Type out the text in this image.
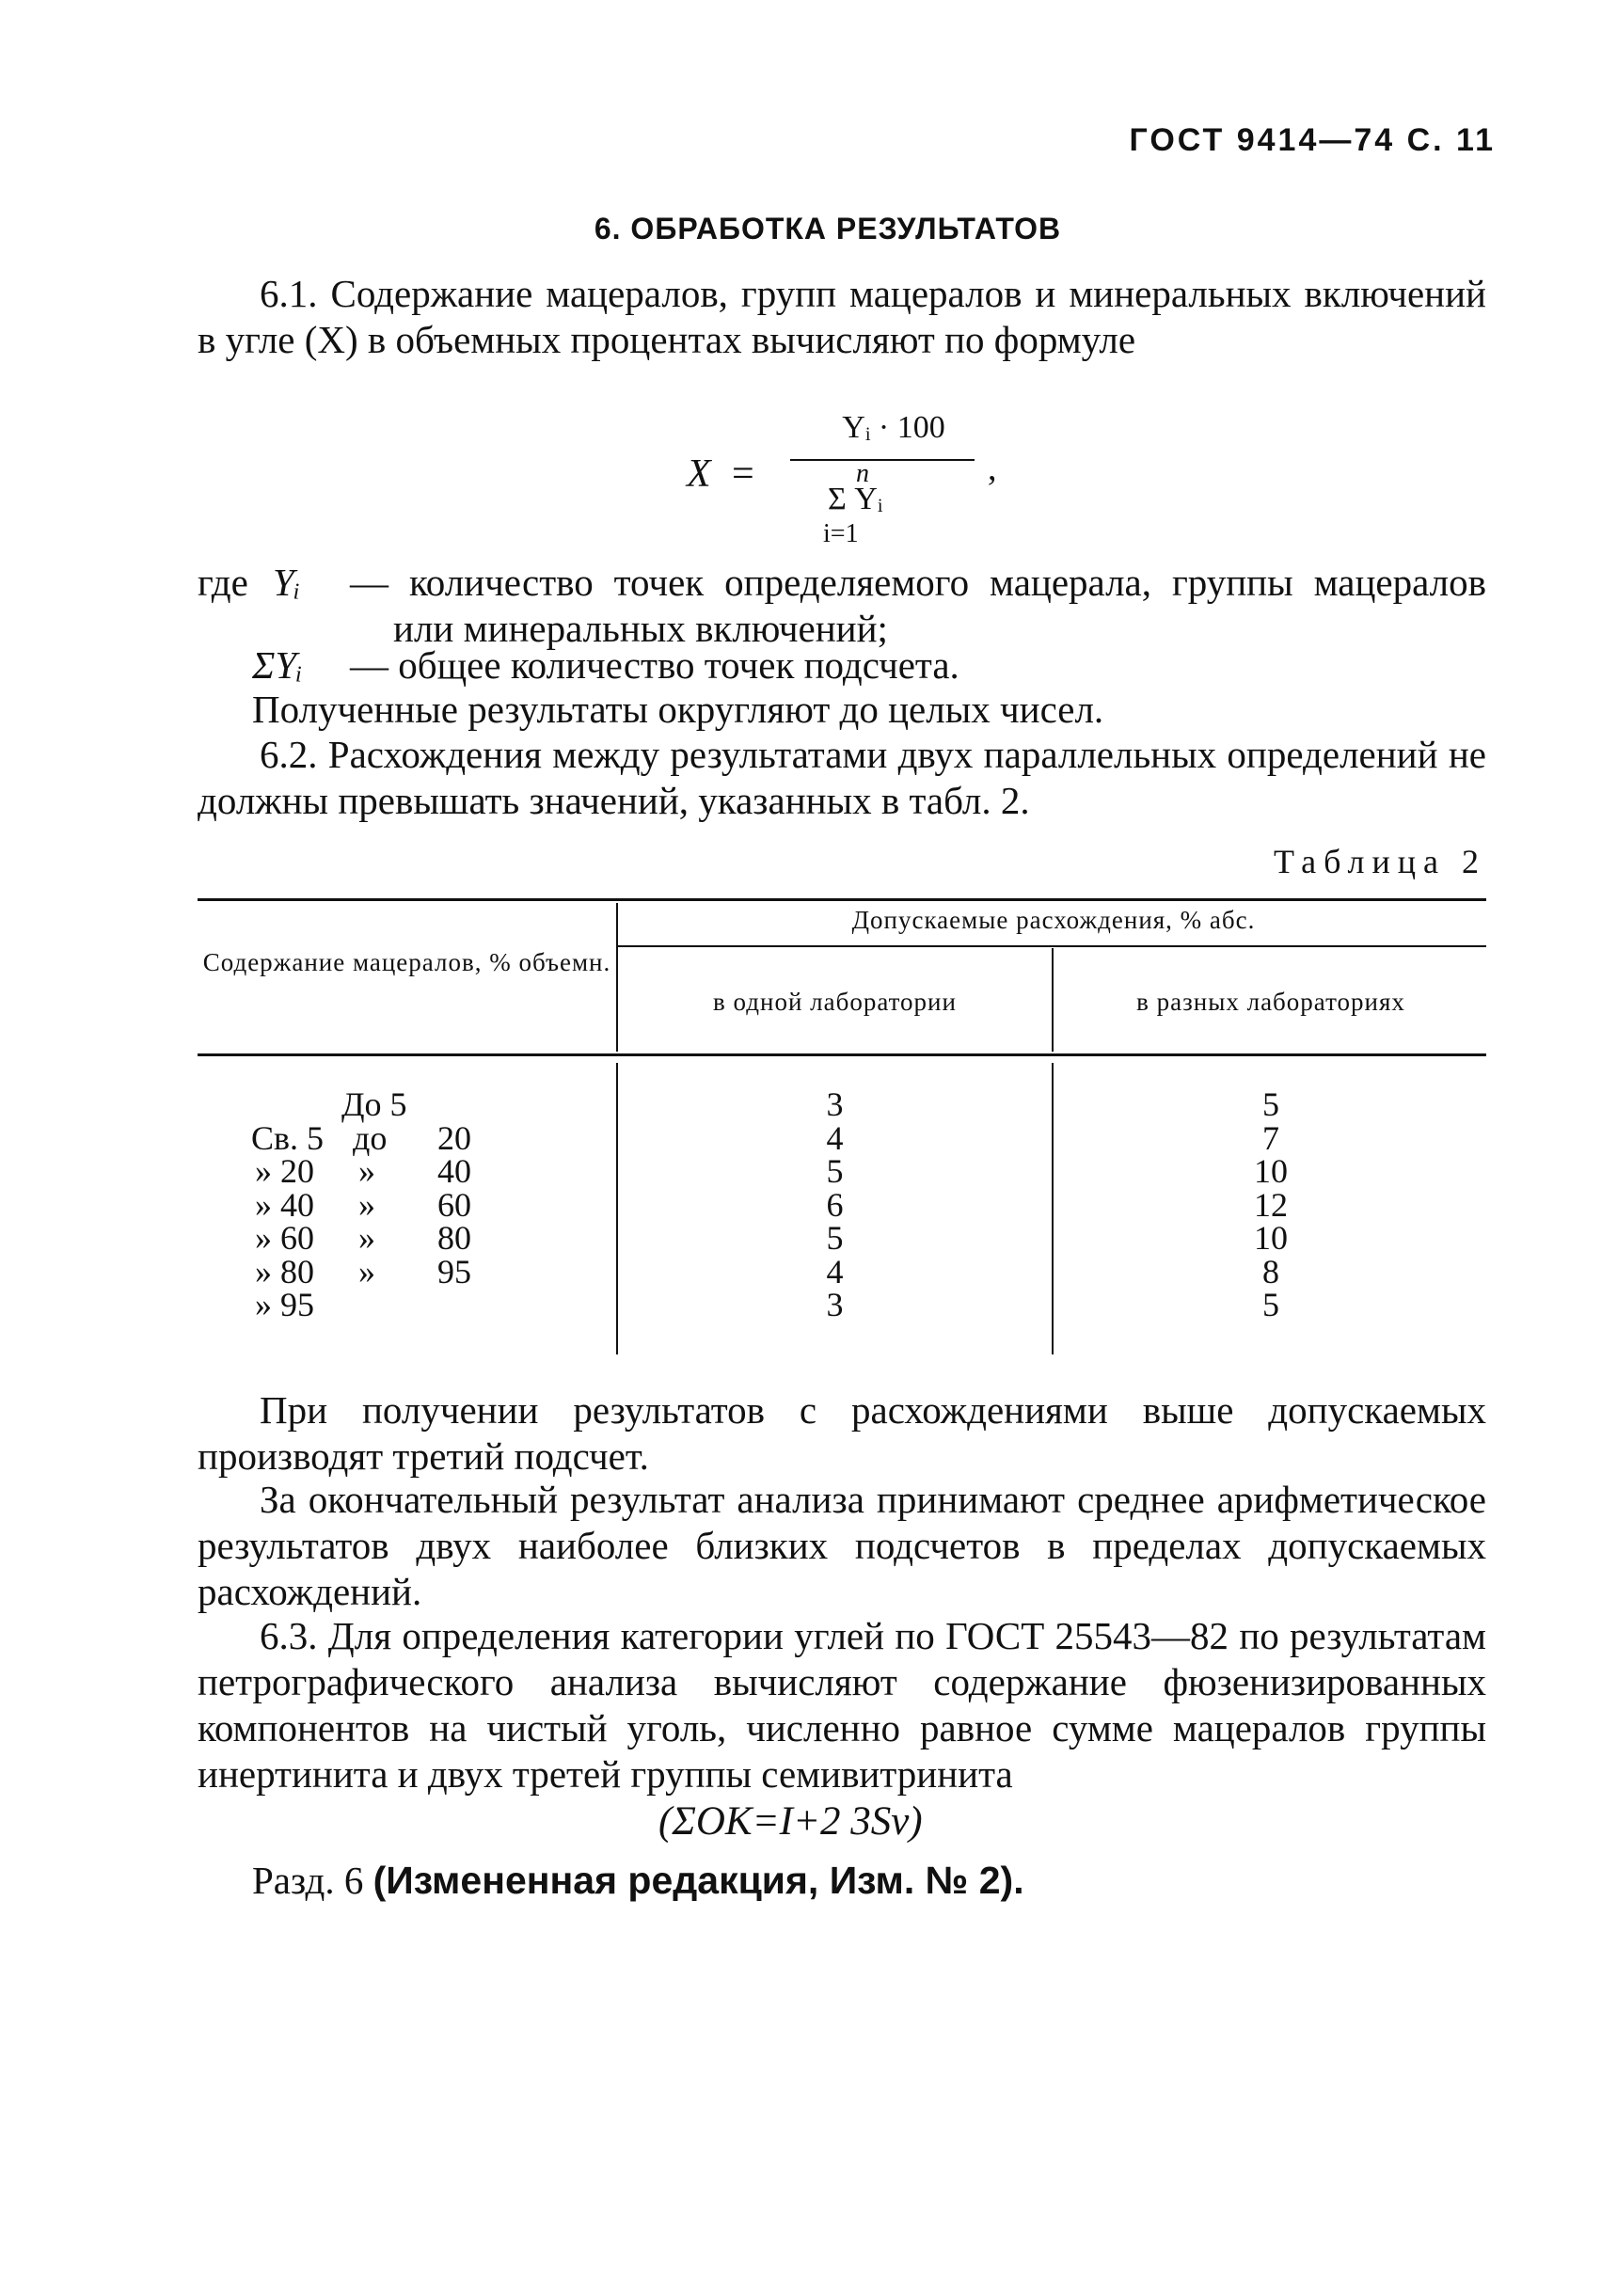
ГОСТ 9414—74 С. 11
6. ОБРАБОТКА РЕЗУЛЬТАТОВ
6.1. Содержание мацералов, групп мацералов и минеральных включений в угле (X) в объемных процентах вычисляют по формуле
X =
Yᵢ · 100
n
Σ Yᵢ
i=1
,
где Yᵢ — количество точек определяемого мацерала, группы мацералов или минеральных включений;
ΣYᵢ — общее количество точек подсчета.
Полученные результаты округляют до целых чисел.
6.2. Расхождения между результатами двух параллельных определений не должны превышать значений, указанных в табл. 2.
Таблица 2
Содержание мацералов, % объемн.
Допускаемые расхождения, % абс.
в одной лаборатории	в разных лабораториях
До 5
Св. 5 до 20
» 20 » 40
» 40 » 60
» 60 » 80
» 80 » 95
» 95
3
4
5
6
5
4
3
5
7
10
12
10
8
5
При получении результатов с расхождениями выше допускаемых производят третий подсчет.
За окончательный результат анализа принимают среднее арифметическое результатов двух наиболее близких подсчетов в пределах допускаемых расхождений.
6.3. Для определения категории углей по ГОСТ 25543—82 по результатам петрографического анализа вычисляют содержание фюзенизированных компонентов на чистый уголь, численно равное сумме мацералов группы инертинита и двух третей группы семивитринита
(ΣOK=I+2 3Sv)
Разд. 6 (Измененная редакция, Изм. № 2).
